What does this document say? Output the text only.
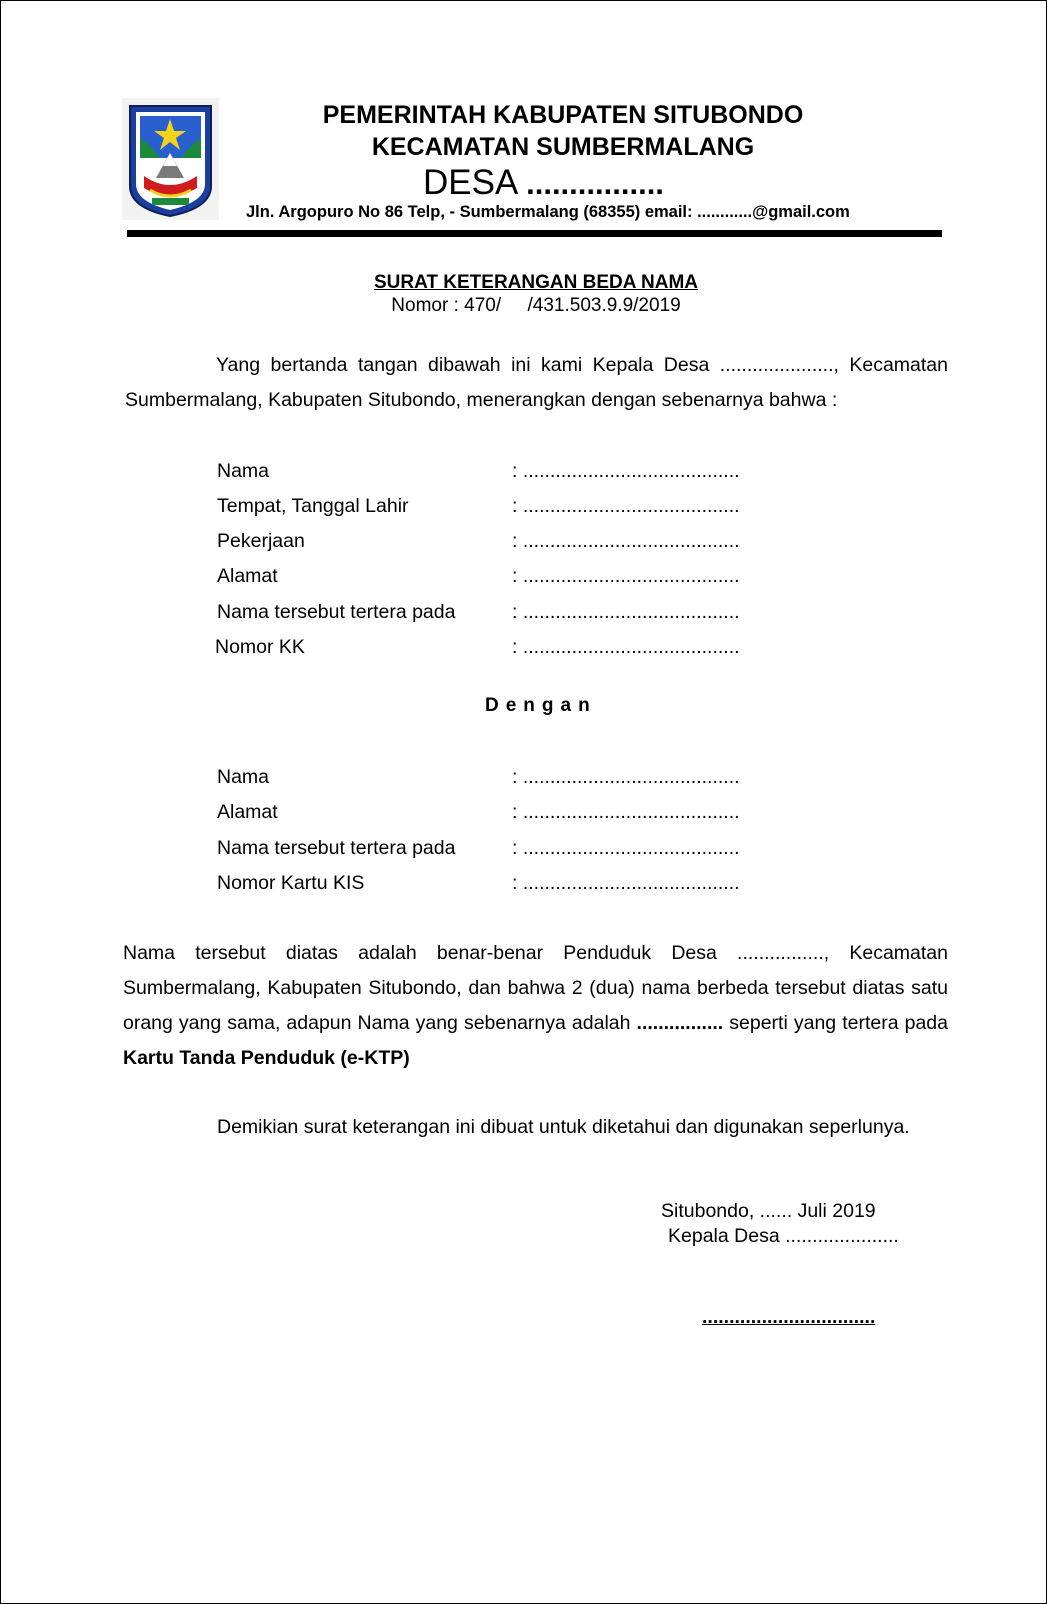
PEMERINTAH KABUPATEN SITUBONDO
KECAMATAN SUMBERMALANG
DESA ................
Jln. Argopuro No 86 Telp, - Sumbermalang (68355) email: ............@gmail.com
SURAT KETERANGAN BEDA NAMA
Nomor : 470/     /431.503.9.9/2019
Yang bertanda tangan dibawah ini kami Kepala Desa ....................., Kecamatan Sumbermalang, Kabupaten Situbondo, menerangkan dengan sebenarnya bahwa :
Nama	: ........................................
Tempat, Tanggal Lahir	: ........................................
Pekerjaan	: ........................................
Alamat	: ........................................
Nama tersebut tertera pada	: ........................................
Nomor KK	: ........................................
Dengan
Nama	: ........................................
Alamat	: ........................................
Nama tersebut tertera pada	: ........................................
Nomor Kartu KIS	: ........................................
Nama tersebut diatas adalah benar-benar Penduduk Desa ................, Kecamatan Sumbermalang, Kabupaten Situbondo, dan bahwa 2 (dua) nama berbeda tersebut diatas satu orang yang sama, adapun Nama yang sebenarnya adalah ................ seperti yang tertera pada Kartu Tanda Penduduk (e-KTP)
Demikian surat keterangan ini dibuat untuk diketahui dan digunakan seperlunya.
Situbondo, ...... Juli 2019
Kepala Desa .....................
................................
